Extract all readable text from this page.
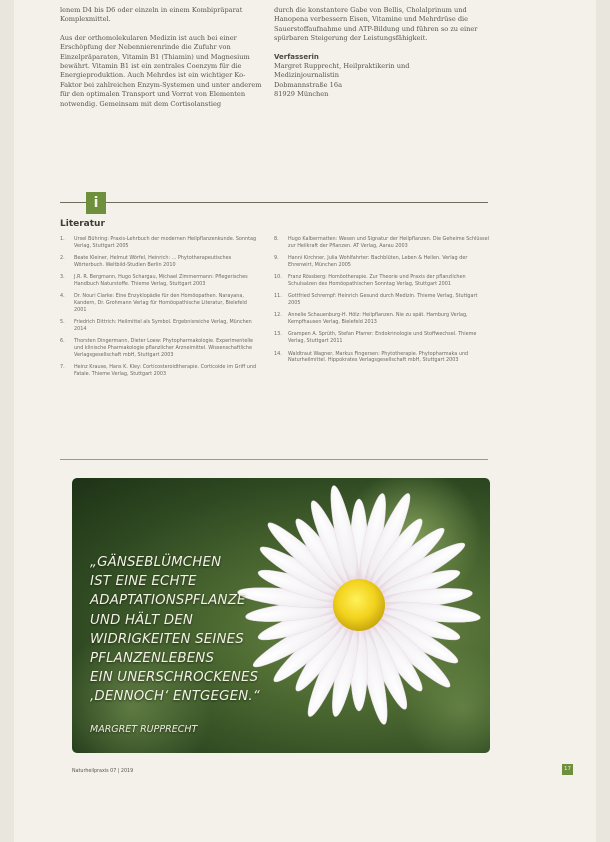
lenem D4 bis D6 oder einzeln in einem Kombipräparat Komplexmittel.

Aus der orthomolekularen Medizin ist auch bei einer Erschöpfung der Nebennierenrinde die Zufuhr von Einzelpräparaten, Vitamin B1 (Thiamin) und Magnesium bewährt. Vitamin B1 ist ein zentrales Coenzym für die Energieproduktion. Auch Mehrdes ist ein wichtiger Ko-Faktor bei zahlreichen Enzym-Systemen und unter anderem für den optimalen Transport und Vorrat von Elementen notwendig. Gemeinsam mit dem Cortisolanstieg

durch die konstantere Gabe von Bellis, Cholalprinum und Hanopena verbessern Eisen, Vitamine und Mehrdrüse die Sauerstoffaufnahme und ATP-Bildung und führen so zu einer spürbaren Steigerung der Leistungsfähigkeit.

Verfasserin
Margret Rupprecht, Heilpraktikerin und
Medizinjournalistin
Dobmannstraße 16a
81929 München
i
Literatur
1.	Ursel Bühring: Praxis-Lehrbuch der modernen Heilpflanzenkunde. Sonntag Verlag, Stuttgart 2005
2.	Beate Kleiner, Helmut Wörfel, Heinrich: ... Phytotherapeutisches Wörterbuch. Weltbild-Studien Berlin 2010
3.	J.R. R. Bergmann, Hugo Schargau, Michael Zimmermann: Pflegerisches Handbuch Naturstoffe. Thieme Verlag, Stuttgart 2003
4.	Dr. Nouri Clarke: Eine Enzyklopädie für den Homöopathen. Narayana, Kandern, Dr. Grohmann Verlag für Homöopathische Literatur, Bielefeld 2001
5.	Friedrich Dittrich: Heilmittel als Symbol. Ergebnisreiche Verlag, München 2014
6.	Thorsten Dingermann, Dieter Loew: Phytopharmakologie. Experimentelle und klinische Pharmakologie pflanzlicher Arzneimittel. Wissenschaftliche Verlagsgesellschaft mbH, Stuttgart 2003
7.	Heinz Krause, Hans K. Kley: Corticosteroidtherapie. Corticoide im Griff und Fatale. Thieme Verlag, Stuttgart 2003
8.	Hugo Kalbermatten: Wesen und Signatur der Heilpflanzen. Die Geheime Schlüssel zur Heilkraft der Pflanzen. AT Verlag, Aarau 2003
9.	Hanni Kirchner, Julia Wohlfahrter: Bachblüten, Leben & Heilen. Verlag der Ehrenwirt, München 2005
10.	Franz Rössberg: Homöotherapie. Zur Theorie und Praxis der pflanzlichen Schulsalzen des Homöopathischen Sonntag Verlag, Stuttgart 2001
11.	Gottfried Schrempf: Heinrich Gesund durch Medizin. Thieme Verlag, Stuttgart 2005
12.	Annelie Schauenburg-H. Hölz: Heilpflanzen. Nie zu spät. Hamburg Verlag, Kempfhausen Verlag, Bielefeld 2013
13.	Grampen A. Sprüth, Stefan Pfarrer: Endokrinologie und Stoffwechsel. Thieme Verlag, Stuttgart 2011
14.	Waldtraut Wagner, Markus Fingersen: Phytotherapie. Phytopharmaka und Naturheilmittel. Hippokrates Verlagsgesellschaft mbH, Stuttgart 2003
„GÄNSEBLÜMCHEN
IST EINE ECHTE
ADAPTATIONSPFLANZE
UND HÄLT DEN
WIDRIGKEITEN SEINES
PFLANZENLEBENS
EIN UNERSCHROCKENES
‚DENNOCH‘ ENTGEGEN.“
MARGRET RUPPRECHT
Naturheilpraxis 07 | 2019	17
